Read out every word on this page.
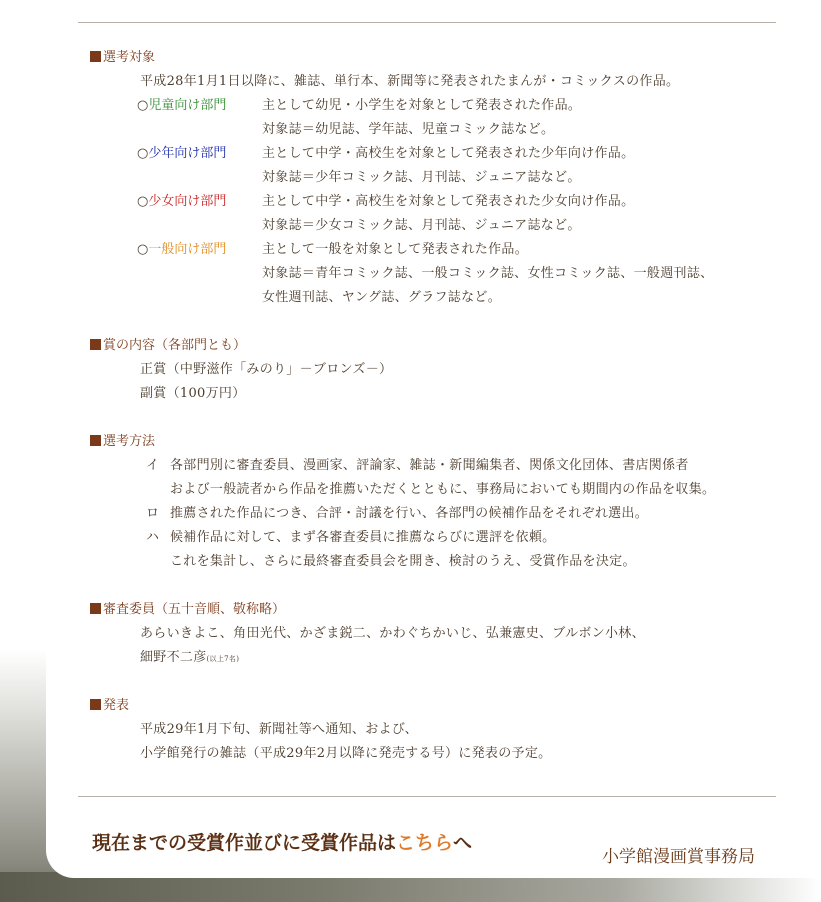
選考対象
平成28年1月1日以降に、雑誌、単行本、新聞等に発表されたまんが・コミックスの作品。
○児童向け部門	主として幼児・小学生を対象として発表された作品。
対象誌＝幼児誌、学年誌、児童コミック誌など。
○少年向け部門	主として中学・高校生を対象として発表された少年向け作品。
対象誌＝少年コミック誌、月刊誌、ジュニア誌など。
○少女向け部門	主として中学・高校生を対象として発表された少女向け作品。
対象誌＝少女コミック誌、月刊誌、ジュニア誌など。
○一般向け部門	主として一般を対象として発表された作品。
対象誌＝青年コミック誌、一般コミック誌、女性コミック誌、一般週刊誌、
女性週刊誌、ヤング誌、グラフ誌など。
賞の内容（各部門とも）
正賞（中野滋作「みのり」－ブロンズ－）
副賞（100万円）
選考方法
イ 各部門別に審査委員、漫画家、評論家、雑誌・新聞編集者、関係文化団体、書店関係者
および一般読者から作品を推薦いただくとともに、事務局においても期間内の作品を収集。
ロ 推薦された作品につき、合評・討議を行い、各部門の候補作品をそれぞれ選出。
ハ 候補作品に対して、まず各審査委員に推薦ならびに選評を依頼。
これを集計し、さらに最終審査委員会を開き、検討のうえ、受賞作品を決定。
審査委員（五十音順、敬称略）
あらいきよこ、角田光代、かざま鋭二、かわぐちかいじ、弘兼憲史、ブルボン小林、
細野不二彦(以上7名)
発表
平成29年1月下旬、新聞社等へ通知、および、
小学館発行の雑誌（平成29年2月以降に発売する号）に発表の予定。
現在までの受賞作並びに受賞作品はこちらへ
小学館漫画賞事務局
